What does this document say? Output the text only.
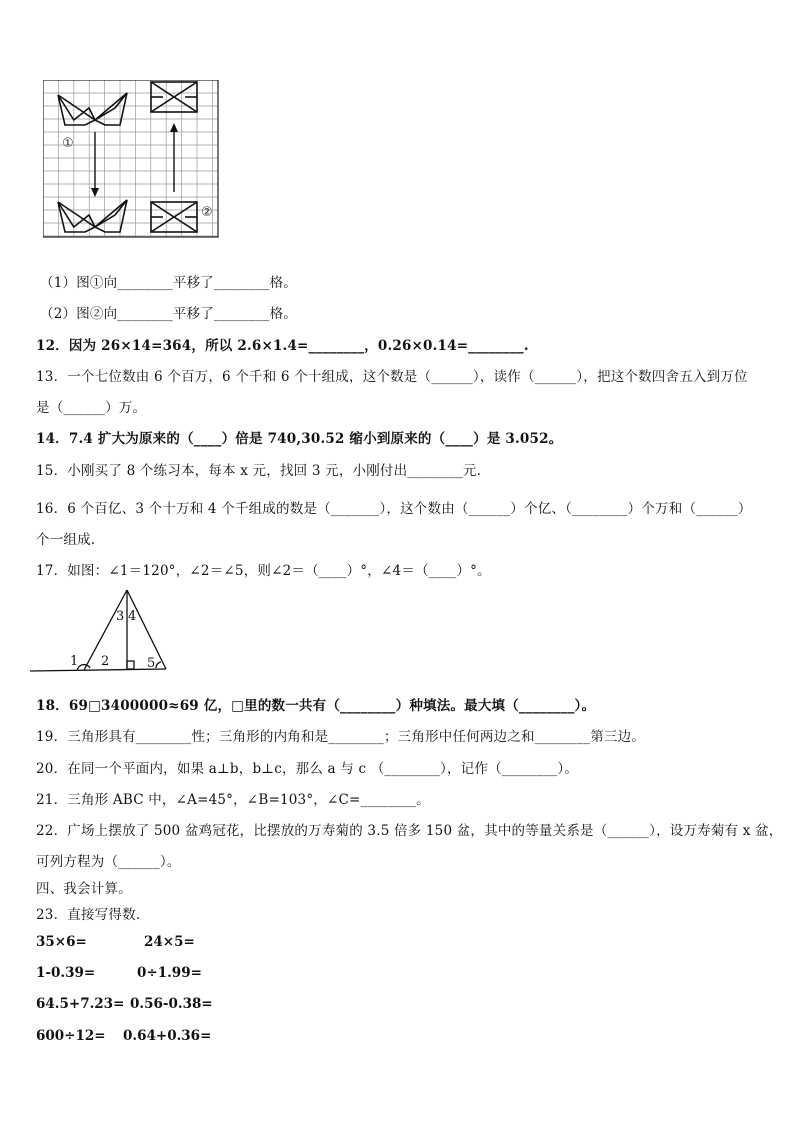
①
②
（1）图①向________平移了________格。
（2）图②向________平移了________格。
12．因为 26×14=364，所以 2.6×1.4=________，0.26×0.14=________.
13．一个七位数由 6 个百万，6 个千和 6 个十组成，这个数是（______），读作（______），把这个数四舍五入到万位
是（______）万。
14．7.4 扩大为原来的（____）倍是 740,30.52 缩小到原来的（____）是 3.052。
15．小刚买了 8 个练习本，每本 x 元，找回 3 元，小刚付出________元.
16．6 个百亿、3 个十万和 4 个千组成的数是（_______），这个数由（______）个亿、（________）个万和（______）
个一组成.
17．如图：∠1＝120°，∠2＝∠5，则∠2＝（____）°，∠4＝（____）°。
1 2
3 4
5
18．69□3400000≈69 亿，□里的数一共有（________）种填法。最大填（________）。
19．三角形具有________性；三角形的内角和是________；三角形中任何两边之和________第三边。
20．在同一个平面内，如果 a⊥b，b⊥c，那么 a 与 c （________），记作（________）。
21．三角形 ABC 中，∠A=45°，∠B=103°，∠C=________。
22．广场上摆放了 500 盆鸡冠花，比摆放的万寿菊的 3.5 倍多 150 盆，其中的等量关系是（______），设万寿菊有 x 盆，
可列方程为（______）。
四、我会计算。
23．直接写得数.
35×6=	24×5=
1-0.39=	0÷1.99=
64.5+7.23= 0.56-0.38=
600÷12= 0.64+0.36=
